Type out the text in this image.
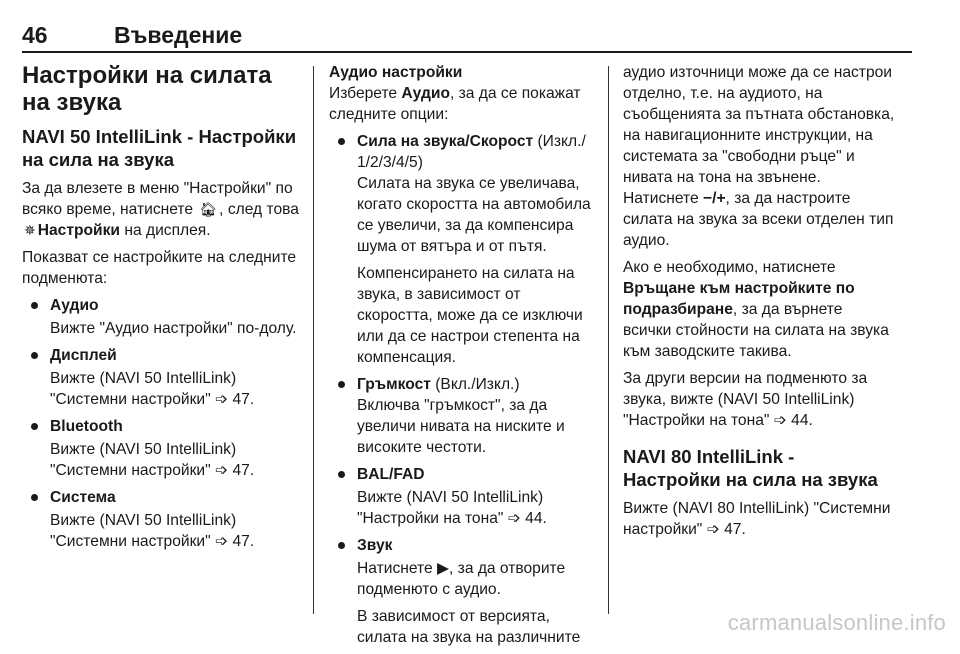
46	Въведение
Настройки на силата на звука
NAVI 50 IntelliLink - Настройки на сила на звука

За да влезете в меню "Настройки" по всяко време, натиснете 🏠︎ , след това ✵ Настройки на дисплея.

Показват се настройките на следните подменюта:

Аудио

Вижте "Аудио настройки" по-долу.

Дисплей

Вижте (NAVI 50 IntelliLink) "Системни настройки" ➩ 47.

Bluetooth

Вижте (NAVI 50 IntelliLink) "Системни настройки" ➩ 47.

Система

Вижте (NAVI 50 IntelliLink) "Системни настройки" ➩ 47.

Аудио настройки

Изберете Аудио, за да се покажат следните опции:

Сила на звука/Скорост (Изкл./ 1/2/3/4/5)

Силата на звука се увеличава, когато скоростта на автомобила се увеличи, за да компенсира шума от вятъра и от пътя.

Компенсирането на силата на звука, в зависимост от скоростта, може да се изключи или да се настрои степента на компенсация.

Гръмкост (Вкл./Изкл.)

Включва "гръмкост", за да увеличи нивата на ниските и високите честоти.

BAL/FAD

Вижте (NAVI 50 IntelliLink) "Настройки на тона" ➩ 44.

Звук

Натиснете ▶, за да отворите подменюто с аудио.

В зависимост от версията, силата на звука на различните

аудио източници може да се настрои отделно, т.е. на аудиото, на съобщенията за пътната обстановка, на навигационните инструкции, на системата за "свободни ръце" и нивата на тона на звънене. Натиснете −/+, за да настроите силата на звука за всеки отделен тип аудио.

Ако е необходимо, натиснете Връщане към настройките по подразбиране, за да върнете всички стойности на силата на звука към заводските такива.

За други версии на подменюто за звука, вижте (NAVI 50 IntelliLink) "Настройки на тона" ➩ 44.

NAVI 80 IntelliLink - Настройки на сила на звука

Вижте (NAVI 80 IntelliLink) "Системни настройки" ➩ 47.

carmanualsonline.info
